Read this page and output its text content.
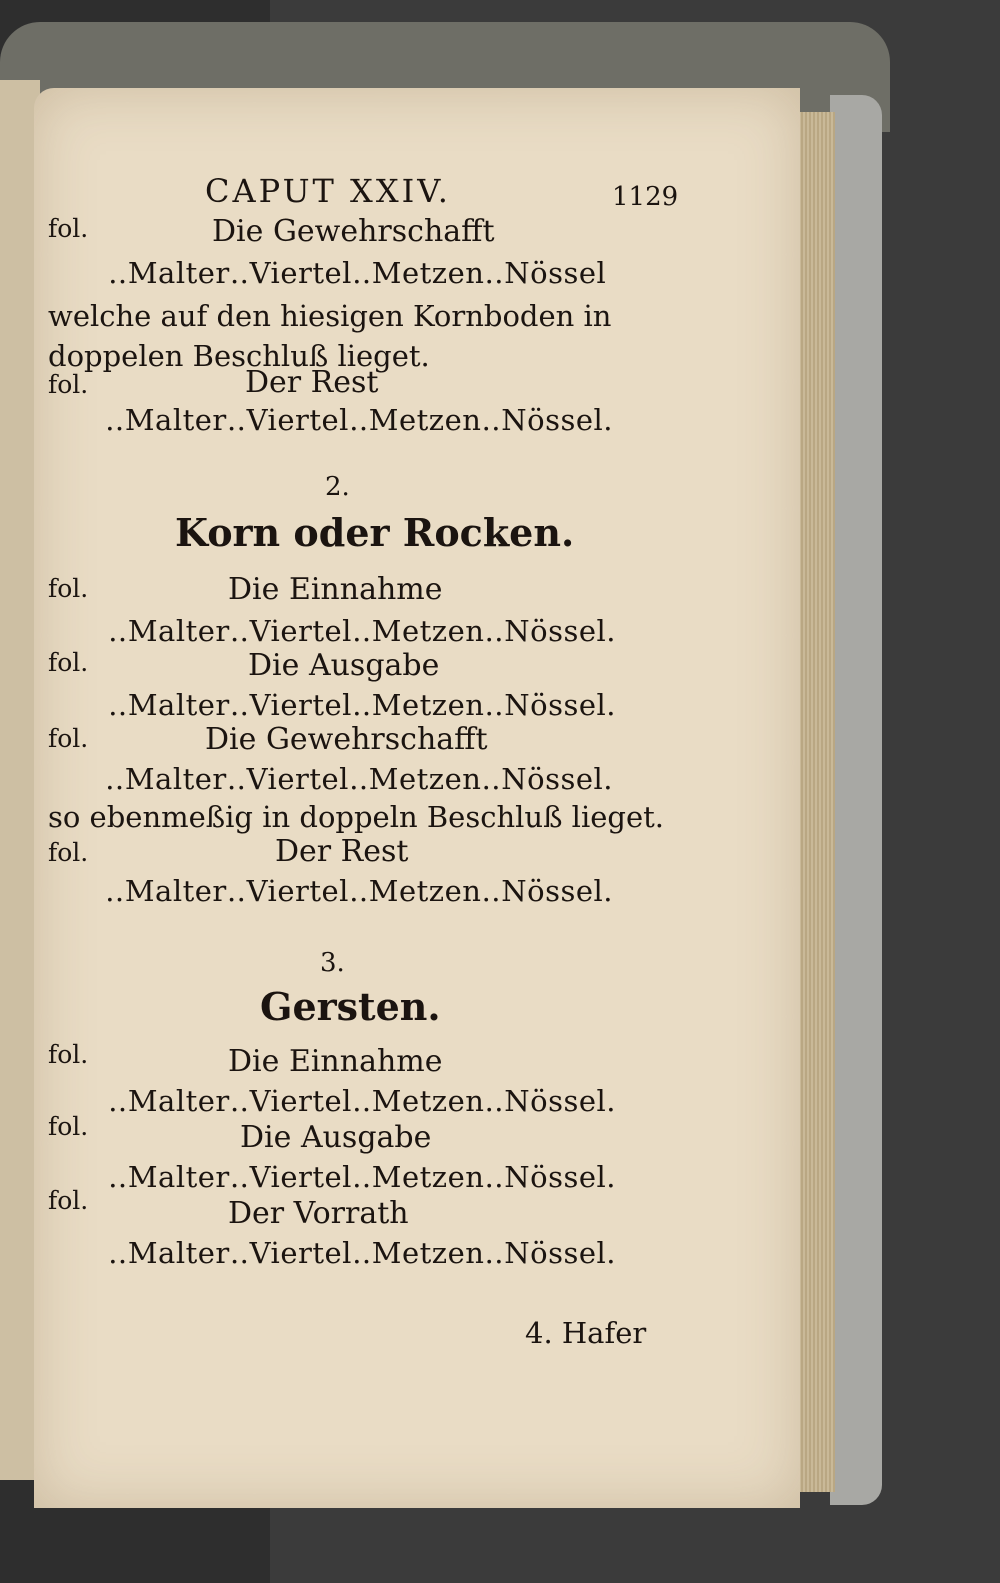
CAPUT XXIV.	1129
fol.	Die Gewehrschafft
‥Malter‥Viertel‥Metzen‥Nössel
welche auf den hiesigen Kornboden in doppelen Beschluß lieget.
fol.	Der Rest
‥Malter‥Viertel‥Metzen‥Nössel.
2.
Korn oder Rocken.
fol.	Die Einnahme
‥Malter‥Viertel‥Metzen‥Nössel.
fol.	Die Ausgabe
‥Malter‥Viertel‥Metzen‥Nössel.
fol.	Die Gewehrschafft
‥Malter‥Viertel‥Metzen‥Nössel.
so ebenmeßig in doppeln Beschluß lieget.
fol.	Der Rest
‥Malter‥Viertel‥Metzen‥Nössel.
3.
Gersten.
fol.	Die Einnahme
‥Malter‥Viertel‥Metzen‥Nössel.
fol.	Die Ausgabe
‥Malter‥Viertel‥Metzen‥Nössel.
fol.	Der Vorrath
‥Malter‥Viertel‥Metzen‥Nössel.
4. Hafer
